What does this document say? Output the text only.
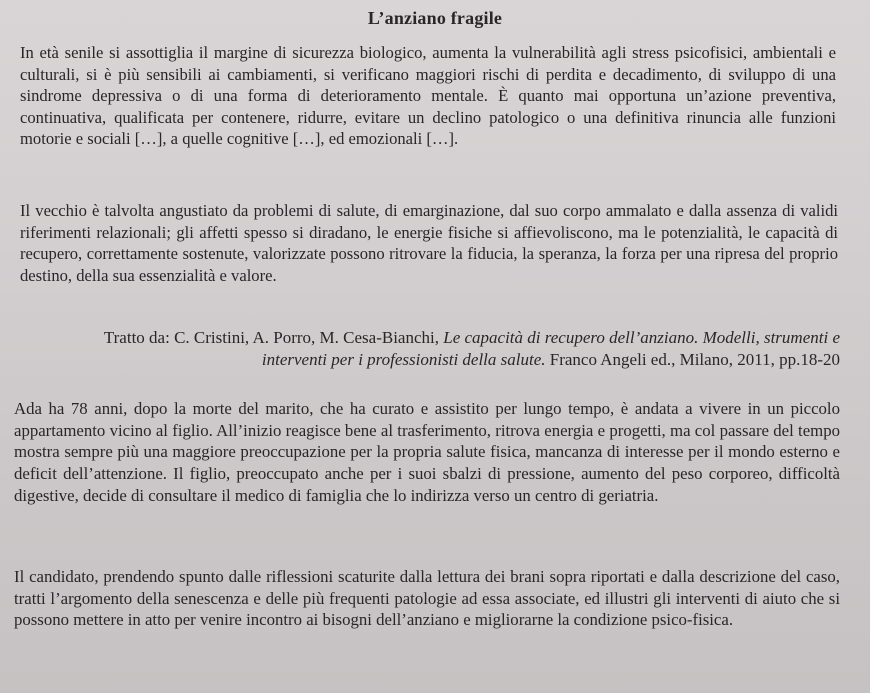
L’anziano fragile

In età senile si assottiglia il margine di sicurezza biologico, aumenta la vulnerabilità agli stress psicofisici, ambientali e culturali, si è più sensibili ai cambiamenti, si verificano maggiori rischi di perdita e decadimento, di sviluppo di una sindrome depressiva o di una forma di deterioramento mentale. È quanto mai opportuna un’azione preventiva, continuativa, qualificata per contenere, ridurre, evitare un declino patologico o una definitiva rinuncia alle funzioni motorie e sociali […], a quelle cognitive […], ed emozionali […].

Il vecchio è talvolta angustiato da problemi di salute, di emarginazione, dal suo corpo ammalato e dalla assenza di validi riferimenti relazionali; gli affetti spesso si diradano, le energie fisiche si affievoliscono, ma le potenzialità, le capacità di recupero, correttamente sostenute, valorizzate possono ritrovare la fiducia, la speranza, la forza per una ripresa del proprio destino, della sua essenzialità e valore.

Tratto da: C. Cristini, A. Porro, M. Cesa-Bianchi, Le capacità di recupero dell’anziano. Modelli, strumenti e interventi per i professionisti della salute. Franco Angeli ed., Milano, 2011, pp.18-20

Ada ha 78 anni, dopo la morte del marito, che ha curato e assistito per lungo tempo, è andata a vivere in un piccolo appartamento vicino al figlio. All’inizio reagisce bene al trasferimento, ritrova energia e progetti, ma col passare del tempo mostra sempre più una maggiore preoccupazione per la propria salute fisica, mancanza di interesse per il mondo esterno e deficit dell’attenzione. Il figlio, preoccupato anche per i suoi sbalzi di pressione, aumento del peso corporeo, difficoltà digestive, decide di consultare il medico di famiglia che lo indirizza verso un centro di geriatria.

Il candidato, prendendo spunto dalle riflessioni scaturite dalla lettura dei brani sopra riportati e dalla descrizione del caso, tratti l’argomento della senescenza e delle più frequenti patologie ad essa associate, ed illustri gli interventi di aiuto che si possono mettere in atto per venire incontro ai bisogni dell’anziano e migliorarne la condizione psico-fisica.
